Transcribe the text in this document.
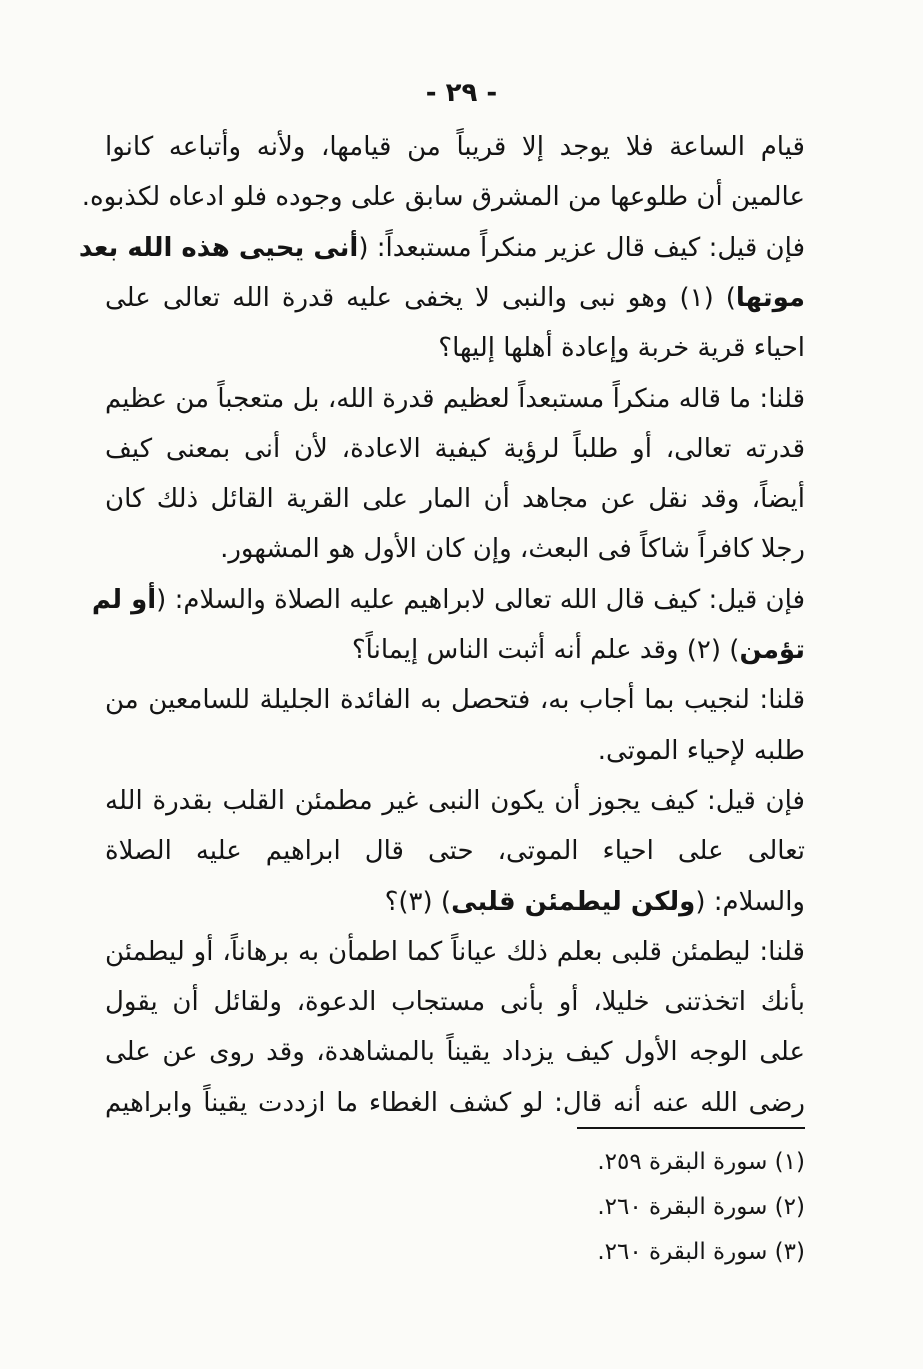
- ٢٩ -
قيام الساعة فلا يوجد إلا قريباً من قيامها، ولأنه وأتباعه كانوا
عالمين أن طلوعها من المشرق سابق على وجوده فلو ادعاه لكذبوه.
فإن قيل: كيف قال عزير منكراً مستبعداً: (أنى يحيى هذه الله بعد
موتها) (١) وهو نبى والنبى لا يخفى عليه قدرة الله تعالى على
احياء قرية خربة وإعادة أهلها إليها؟
قلنا: ما قاله منكراً مستبعداً لعظيم قدرة الله، بل متعجباً من عظيم
قدرته تعالى، أو طلباً لرؤية كيفية الاعادة، لأن أنى بمعنى كيف
أيضاً، وقد نقل عن مجاهد أن المار على القرية القائل ذلك كان
رجلا كافراً شاكاً فى البعث، وإن كان الأول هو المشهور.
فإن قيل: كيف قال الله تعالى لابراهيم عليه الصلاة والسلام: (أو لم
تؤمن) (٢) وقد علم أنه أثبت الناس إيماناً؟
قلنا: لنجيب بما أجاب به، فتحصل به الفائدة الجليلة للسامعين من
طلبه لإحياء الموتى.
فإن قيل: كيف يجوز أن يكون النبى غير مطمئن القلب بقدرة الله
تعالى على احياء الموتى، حتى قال ابراهيم عليه الصلاة
والسلام: (ولكن ليطمئن قلبى) (٣)؟
قلنا: ليطمئن قلبى بعلم ذلك عياناً كما اطمأن به برهاناً، أو ليطمئن
بأنك اتخذتنى خليلا، أو بأنى مستجاب الدعوة، ولقائل أن يقول
على الوجه الأول كيف يزداد يقيناً بالمشاهدة، وقد روى عن على
رضى الله عنه أنه قال: لو كشف الغطاء ما ازددت يقيناً وابراهيم
(١) سورة البقرة ٢٥٩.
(٢) سورة البقرة ٢٦٠.
(٣) سورة البقرة ٢٦٠.
